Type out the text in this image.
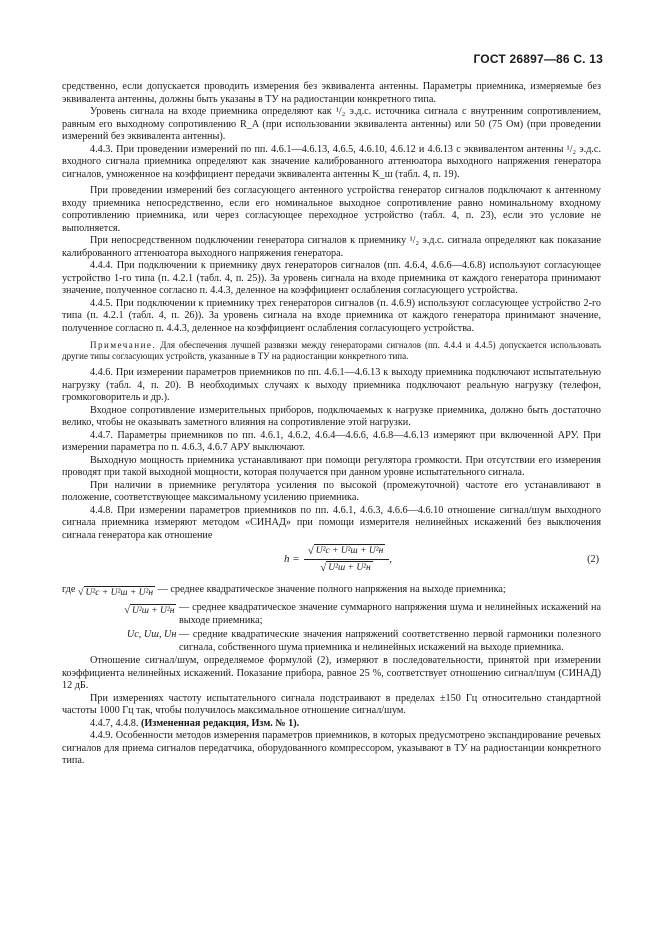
ГОСТ 26897—86 С. 13

средственно, если допускается проводить измерения без эквивалента антенны. Параметры приемника, измеряемые без эквивалента антенны, должны быть указаны в ТУ на радиостанции конкретного типа.

Уровень сигнала на входе приемника определяют как ¹/₂ э.д.с. источника сигнала с внутренним сопротивлением, равным его выходному сопротивлению R_A (при использовании эквивалента антенны) или 50 (75 Ом) (при проведении измерений без эквивалента антенны).

4.4.3. При проведении измерений по пп. 4.6.1—4.6.13, 4.6.5, 4.6.10, 4.6.12 и 4.6.13 с эквивалентом антенны ¹/₂ э.д.с. входного сигнала приемника определяют как значение калиброванного аттенюатора выходного напряжения генератора сигналов, умноженное на коэффициент передачи эквивалента антенны K_ш (табл. 4, п. 19).

При проведении измерений без согласующего антенного устройства генератор сигналов подключают к антенному входу приемника непосредственно, если его номинальное выходное сопротивление равно номинальному входному сопротивлению приемника, или через согласующее переходное устройство (табл. 4, п. 23), если это условие не выполняется.

При непосредственном подключении генератора сигналов к приемнику ¹/₂ э.д.с. сигнала определяют как показание калиброванного аттенюатора выходного напряжения генератора.

4.4.4. При подключении к приемнику двух генераторов сигналов (пп. 4.6.4, 4.6.6—4.6.8) используют согласующее устройство 1-го типа (п. 4.2.1 (табл. 4, п. 25)). За уровень сигнала на входе приемника от каждого генератора принимают значение, полученное согласно п. 4.4.3, деленное на коэффициент ослабления согласующего устройства.

4.4.5. При подключении к приемнику трех генераторов сигналов (п. 4.6.9) используют согласующее устройство 2-го типа (п. 4.2.1 (табл. 4, п. 26)). За уровень сигнала на входе приемника от каждого генератора принимают значение, полученное согласно п. 4.4.3, деленное на коэффициент ослабления согласующего устройства.

Примечание. Для обеспечения лучшей развязки между генераторами сигналов (пп. 4.4.4 и 4.4.5) допускается использовать другие типы согласующих устройств, указанные в ТУ на радиостанции конкретного типа.

4.4.6. При измерении параметров приемников по пп. 4.6.1—4.6.13 к выходу приемника подключают испытательную нагрузку (табл. 4, п. 20). В необходимых случаях к выходу приемника подключают реальную нагрузку (телефон, громкоговоритель и др.).

Входное сопротивление измерительных приборов, подключаемых к нагрузке приемника, должно быть достаточно велико, чтобы не оказывать заметного влияния на сопротивление этой нагрузки.

4.4.7. Параметры приемников по пп. 4.6.1, 4.6.2, 4.6.4—4.6.6, 4.6.8—4.6.13 измеряют при включенной АРУ. При измерении параметра по п. 4.6.3, 4.6.7 АРУ выключают.

Выходную мощность приемника устанавливают при помощи регулятора громкости. При отсутствии его измерения проводят при такой выходной мощности, которая получается при данном уровне испытательного сигнала.

При наличии в приемнике регулятора усиления по высокой (промежуточной) частоте его устанавливают в положение, соответствующее максимальному усилению приемника.

4.4.8. При измерении параметров приемников по пп. 4.6.1, 4.6.3, 4.6.6—4.6.10 отношение сигнал/шум выходного сигнала приемника измеряют методом «СИНАД» при помощи измерителя нелинейных искажений без выключения сигнала генератора как отношение

$h = \frac{\text{√ U²с + U²ш + U²н}}{\text{√ U²ш + U²н}}$ ,	(2)
где √ U²с + U²ш + U²н
— среднее квадратическое значение полного напряжения на выходе приемника;
√ U²ш + U²н
— среднее квадратическое значение суммарного напряжения шума и нелинейных искажений на выходе приемника;
Uс, Uш, Uн — средние квадратические значения напряжений соответственно первой гармоники полезного сигнала, собственного шума приемника и нелинейных искажений на выходе приемника.

Отношение сигнал/шум, определяемое формулой (2), измеряют в последовательности, принятой при измерении коэффициента нелинейных искажений. Показание прибора, равное 25 %, соответствует отношению сигнал/шум (СИНАД) 12 дБ.

При измерениях частоту испытательного сигнала подстраивают в пределах ±150 Гц относительно стандартной частоты 1000 Гц так, чтобы получилось максимальное отношение сигнал/шум.

4.4.7, 4.4.8. (Измененная редакция, Изм. № 1).

4.4.9. Особенности методов измерения параметров приемников, в которых предусмотрено экспандирование речевых сигналов для приема сигналов передатчика, оборудованного компрессором, указывают в ТУ на радиостанции конкретного типа.
